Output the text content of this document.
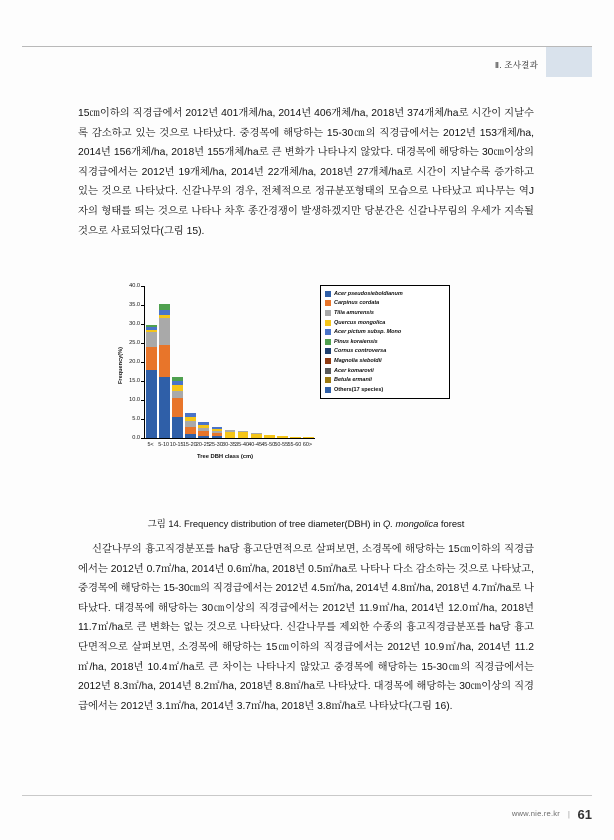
Ⅱ. 조사결과
15㎝이하의 직경급에서 2012년 401개체/ha, 2014년 406개체/ha, 2018년 374개체/ha로 시간이 지날수록 감소하고 있는 것으로 나타났다. 중경목에 해당하는 15-30㎝의 직경급에서는 2012년 153개체/ha, 2014년 156개체/ha, 2018년 155개체/ha로 큰 변화가 나타나지 않았다. 대경목에 해당하는 30㎝이상의 직경급에서는 2012년 19개체/ha, 2014년 22개체/ha, 2018년 27개체/ha로 시간이 지날수록 증가하고 있는 것으로 나타났다. 신갈나무의 경우, 전체적으로 정규분포형태의 모습으로 나타났고 피나무는 역J자의 형태를 띄는 것으로 나타나 차후 종간경쟁이 발생하겠지만 당분간은 신갈나무림의 우세가 지속될 것으로 사료되었다(그림 15).
Frequency(%)
0.0
5.0
10.0
15.0
20.0
25.0
30.0
35.0
40.0
5< 5-10 10-15 15-20 20-25 25-30 30-35 35-40 40-45 45-50 50-55 55-60 60>
Tree DBH class (cm)
Acer pseudosieboldianum
Carpinus cordata
Tilia amurensis
Quercus mongolica
Acer pictum subsp. Mono
Pinus koraiensis
Cornus controversa
Magnolia sieboldii
Acer komarovii
Betula ermanii
Others(17 species)
그림 14. Frequency distribution of tree diameter(DBH) in Q. mongolica forest
신갈나무의 흉고직경분포를 ha당 흉고단면적으로 살펴보면, 소경목에 해당하는 15㎝이하의 직경급에서는 2012년 0.7㎡/ha, 2014년 0.6㎡/ha, 2018년 0.5㎡/ha로 나타나 다소 감소하는 것으로 나타났고, 중경목에 해당하는 15-30㎝의 직경급에서는 2012년 4.5㎡/ha, 2014년 4.8㎡/ha, 2018년 4.7㎡/ha로 나타났다. 대경목에 해당하는 30㎝이상의 직경급에서는 2012년 11.9㎡/ha, 2014년 12.0㎡/ha, 2018년 11.7㎡/ha로 큰 변화는 없는 것으로 나타났다. 신갈나무를 제외한 수종의 흉고직경급분포를 ha당 흉고단면적으로 살펴보면, 소경목에 해당하는 15㎝이하의 직경급에서는 2012년 10.9㎡/ha, 2014년 11.2㎡/ha, 2018년 10.4㎡/ha로 큰 차이는 나타나지 않았고 중경목에 해당하는 15-30㎝의 직경급에서는 2012년 8.3㎡/ha, 2014년 8.2㎡/ha, 2018년 8.8㎡/ha로 나타났다. 대경목에 해당하는 30㎝이상의 직경급에서는 2012년 3.1㎡/ha, 2014년 3.7㎡/ha, 2018년 3.8㎡/ha로 나타났다(그림 16).
www.nie.re.kr | 61
